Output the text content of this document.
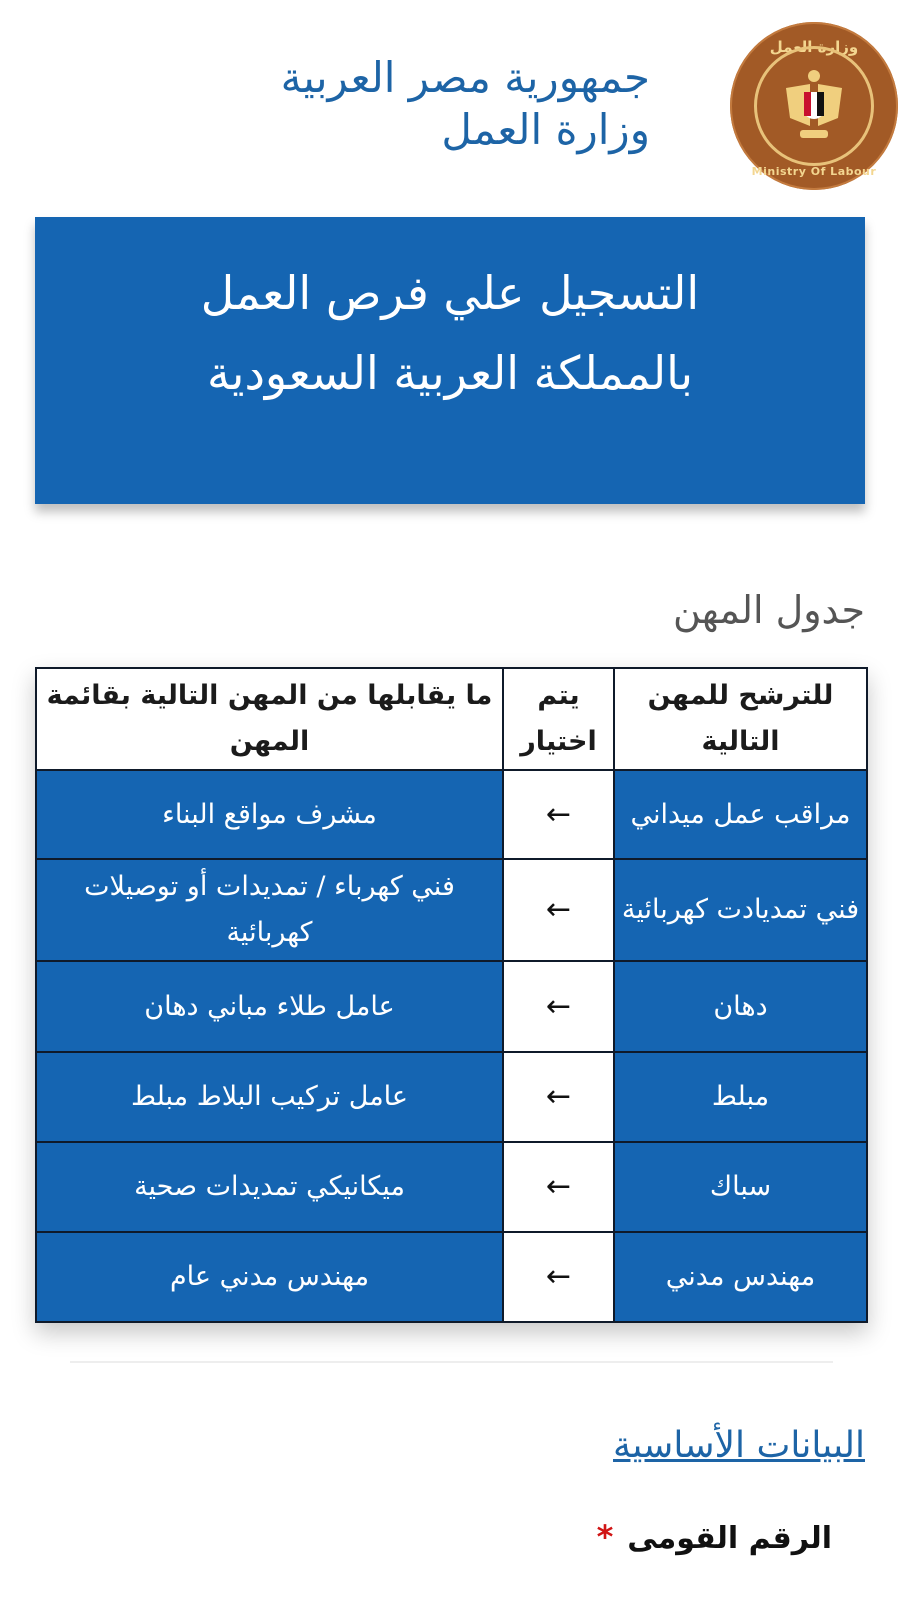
وزارة العمل
Ministry Of Labour
جمهورية مصر العربية
وزارة العمل
التسجيل علي فرص العمل
بالمملكة العربية السعودية
جدول المهن
للترشح للمهن التالية	يتم اختيار	ما يقابلها من المهن التالية بقائمة المهن
مراقب عمل ميداني	←	مشرف مواقع البناء
فني تمديادت كهربائية	←	فني كهرباء / تمديدات أو توصيلات كهربائية
دهان	←	عامل طلاء مباني دهان
مبلط	←	عامل تركيب البلاط مبلط
سباك	←	ميكانيكي تمديدات صحية
مهندس مدني	←	مهندس مدني عام
البيانات الأساسية
الرقم القومى*
